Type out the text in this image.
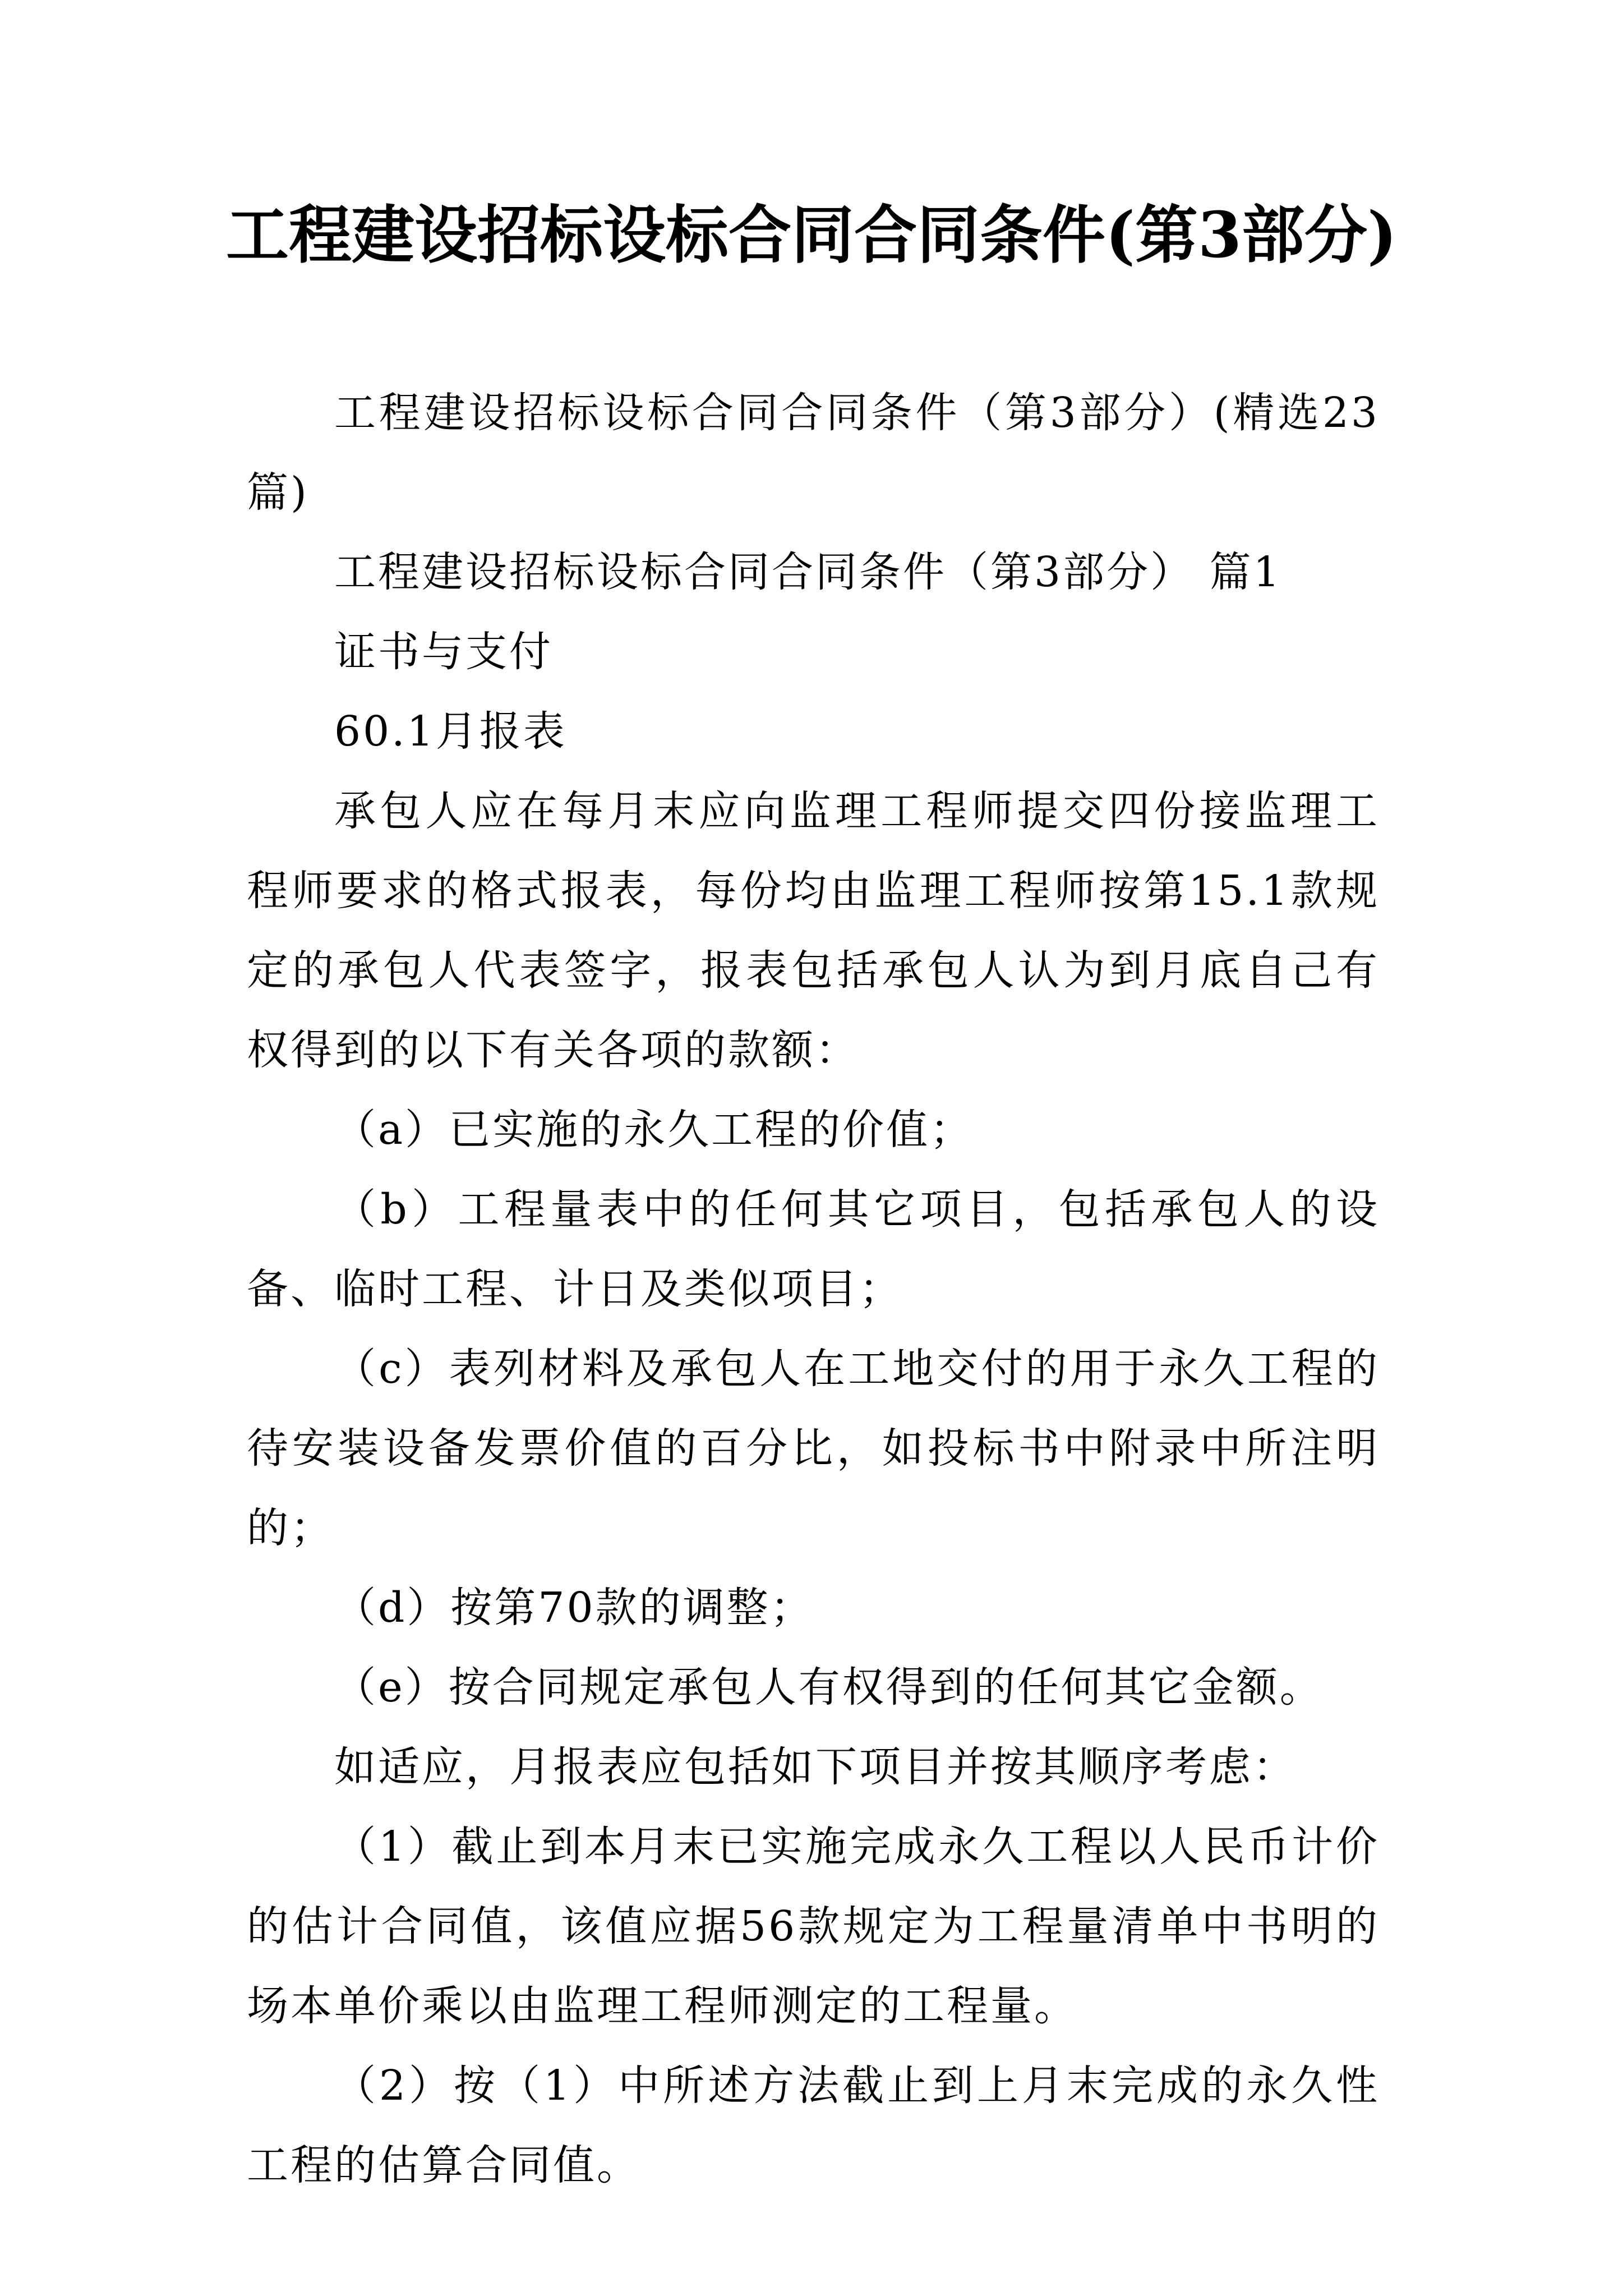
工程建设招标设标合同合同条件(第3部分)

工程建设招标设标合同合同条件（第3部分）(精选23篇)

工程建设招标设标合同合同条件（第3部分） 篇1

证书与支付

60.1月报表

承包人应在每月末应向监理工程师提交四份接监理工程师要求的格式报表，每份均由监理工程师按第15.1款规定的承包人代表签字，报表包括承包人认为到月底自己有权得到的以下有关各项的款额：

（a）已实施的永久工程的价值；

（b）工程量表中的任何其它项目，包括承包人的设备、临时工程、计日及类似项目；

（c）表列材料及承包人在工地交付的用于永久工程的待安装设备发票价值的百分比，如投标书中附录中所注明的；

（d）按第70款的调整；

（e）按合同规定承包人有权得到的任何其它金额。

如适应，月报表应包括如下项目并按其顺序考虑：

（1）截止到本月末已实施完成永久工程以人民币计价的估计合同值，该值应据56款规定为工程量清单中书明的场本单价乘以由监理工程师测定的工程量。

（2）按（1）中所述方法截止到上月末完成的永久性工程的估算合同值。
